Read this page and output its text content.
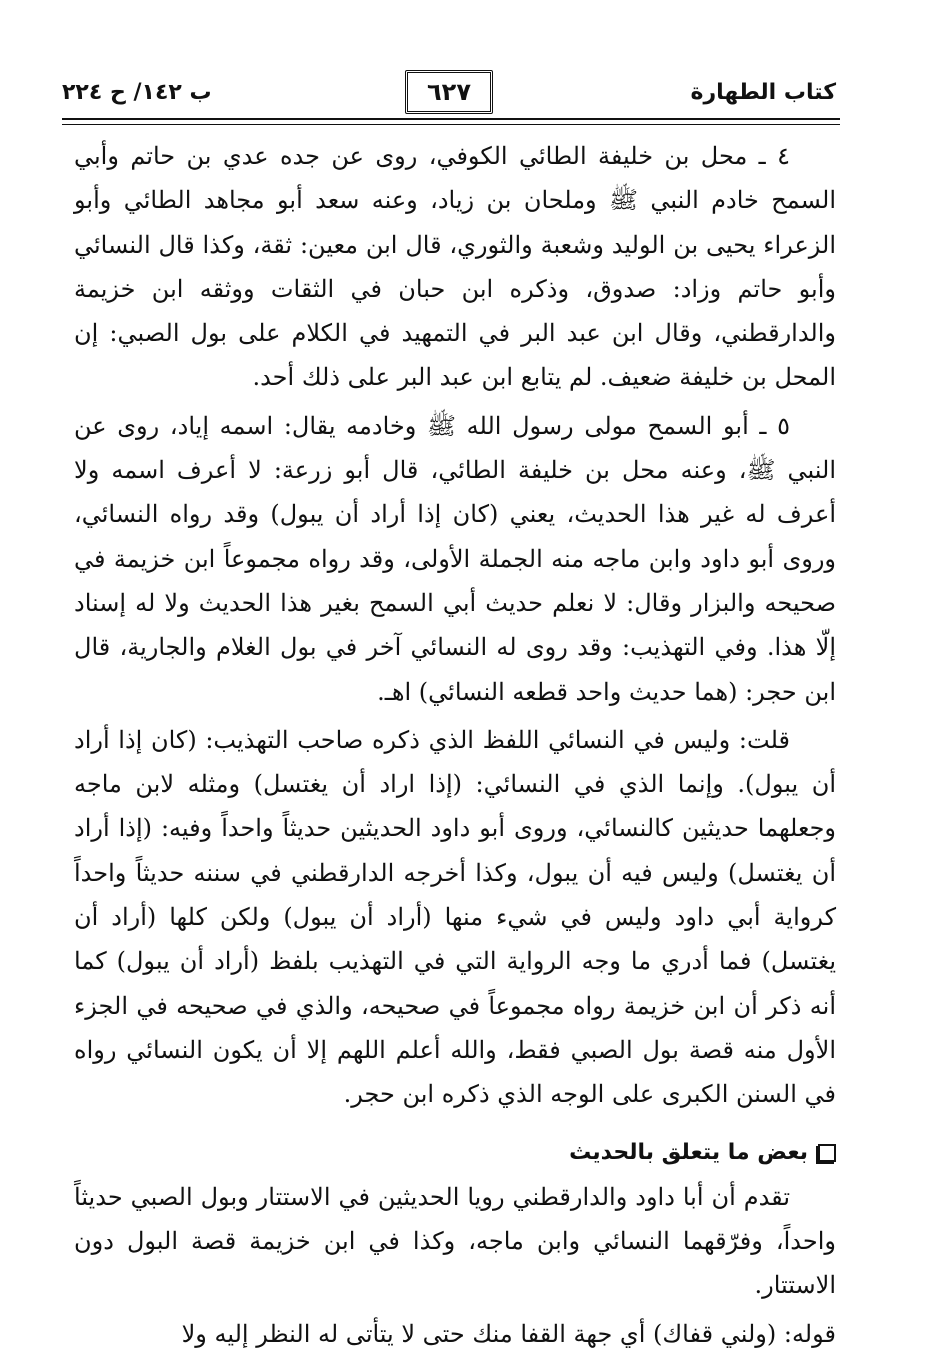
كتاب الطهارة
٦٢٧
ب ١٤٢/ ح ٢٢٤

٤ ـ محل بن خليفة الطائي الكوفي، روى عن جده عدي بن حاتم وأبي السمح خادم النبي ﷺ وملحان بن زياد، وعنه سعد أبو مجاهد الطائي وأبو الزعراء يحيى بن الوليد وشعبة والثوري، قال ابن معين: ثقة، وكذا قال النسائي وأبو حاتم وزاد: صدوق، وذكره ابن حبان في الثقات ووثقه ابن خزيمة والدارقطني، وقال ابن عبد البر في التمهيد في الكلام على بول الصبي: إن المحل بن خليفة ضعيف. لم يتابع ابن عبد البر على ذلك أحد.

٥ ـ أبو السمح مولى رسول الله ﷺ وخادمه يقال: اسمه إياد، روى عن النبي ﷺ، وعنه محل بن خليفة الطائي، قال أبو زرعة: لا أعرف اسمه ولا أعرف له غير هذا الحديث، يعني (كان إذا أراد أن يبول) وقد رواه النسائي، وروى أبو داود وابن ماجه منه الجملة الأولى، وقد رواه مجموعاً ابن خزيمة في صحيحه والبزار وقال: لا نعلم حديث أبي السمح بغير هذا الحديث ولا له إسناد إلّا هذا. وفي التهذيب: وقد روى له النسائي آخر في بول الغلام والجارية، قال ابن حجر: (هما حديث واحد قطعه النسائي) اهـ.

قلت: وليس في النسائي اللفظ الذي ذكره صاحب التهذيب: (كان إذا أراد أن يبول). وإنما الذي في النسائي: (إذا اراد أن يغتسل) ومثله لابن ماجه وجعلهما حديثين كالنسائي، وروى أبو داود الحديثين حديثاً واحداً وفيه: (إذا أراد أن يغتسل) وليس فيه أن يبول، وكذا أخرجه الدارقطني في سننه حديثاً واحداً كرواية أبي داود وليس في شيء منها (أراد أن يبول) ولكن كلها (أراد أن يغتسل) فما أدري ما وجه الرواية التي في التهذيب بلفظ (أراد أن يبول) كما أنه ذكر أن ابن خزيمة رواه مجموعاً في صحيحه، والذي في صحيحه في الجزء الأول منه قصة بول الصبي فقط، والله أعلم اللهم إلا أن يكون النسائي رواه في السنن الكبرى على الوجه الذي ذكره ابن حجر.

بعض ما يتعلق بالحديث

تقدم أن أبا داود والدارقطني رويا الحديثين في الاستتار وبول الصبي حديثاً واحداً، وفرّقهما النسائي وابن ماجه، وكذا في ابن خزيمة قصة البول دون الاستتار.

قوله: (ولني قفاك) أي جهة القفا منك حتى لا يتأتى له النظر إليه ولا
